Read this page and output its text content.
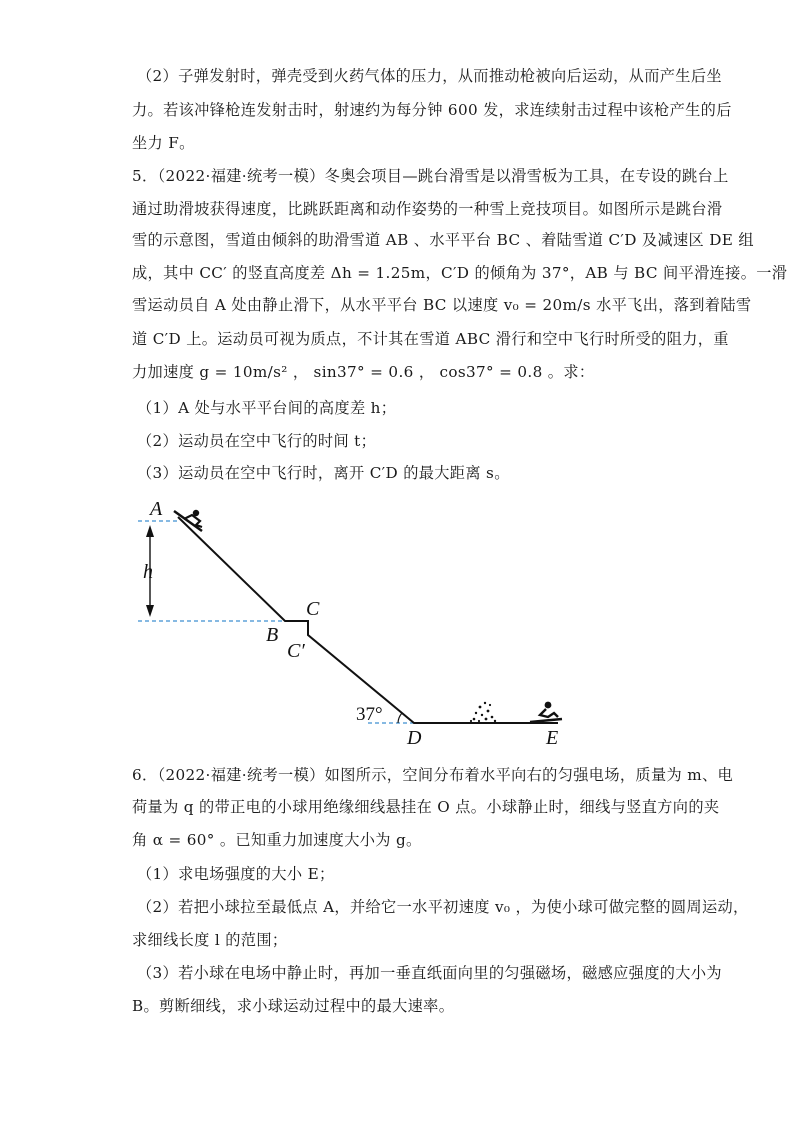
（2）子弹发射时，弹壳受到火药气体的压力，从而推动枪被向后运动，从而产生后坐
力。若该冲锋枪连发射击时，射速约为每分钟 600 发，求连续射击过程中该枪产生的后
坐力 F。
5．（2022·福建·统考一模）冬奥会项目—跳台滑雪是以滑雪板为工具，在专设的跳台上
通过助滑坡获得速度，比跳跃距离和动作姿势的一种雪上竞技项目。如图所示是跳台滑
雪的示意图，雪道由倾斜的助滑雪道 AB 、水平平台 BC 、着陆雪道 C′D 及减速区 DE 组
成，其中 CC′ 的竖直高度差 Δh = 1.25m，C′D 的倾角为 37°，AB 与 BC 间平滑连接。一滑
雪运动员自 A 处由静止滑下，从水平平台 BC 以速度 v₀ = 20m/s 水平飞出，落到着陆雪
道 C′D 上。运动员可视为质点，不计其在雪道 ABC 滑行和空中飞行时所受的阻力，重
力加速度 g = 10m/s² ， sin37° = 0.6 ， cos37° = 0.8 。求：
（1）A 处与水平平台间的高度差 h；
（2）运动员在空中飞行的时间 t；
（3）运动员在空中飞行时，离开 C′D 的最大距离 s。
A
h
C
B
C′
37°
D	E
6．（2022·福建·统考一模）如图所示，空间分布着水平向右的匀强电场，质量为 m、电
荷量为 q 的带正电的小球用绝缘细线悬挂在 O 点。小球静止时，细线与竖直方向的夹
角 α = 60° 。已知重力加速度大小为 g。
（1）求电场强度的大小 E；
（2）若把小球拉至最低点 A，并给它一水平初速度 v₀ ，为使小球可做完整的圆周运动，
求细线长度 l 的范围；
（3）若小球在电场中静止时，再加一垂直纸面向里的匀强磁场，磁感应强度的大小为
B。剪断细线，求小球运动过程中的最大速率。
